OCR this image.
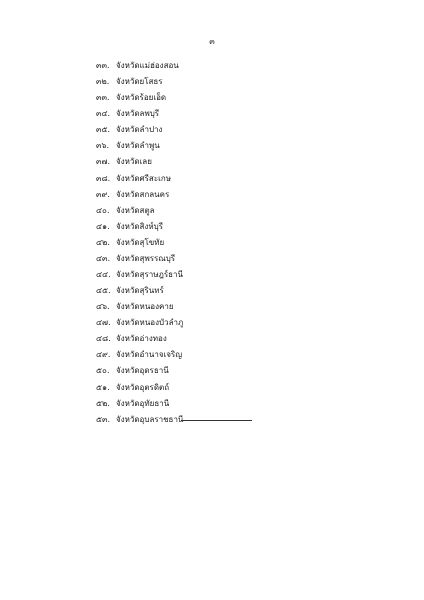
๓
๓๓. จังหวัดแม่ฮ่องสอน
๓๒. จังหวัดยโสธร
๓๓. จังหวัดร้อยเอ็ด
๓๔. จังหวัดลพบุรี
๓๕. จังหวัดลำปาง
๓๖. จังหวัดลำพูน
๓๗. จังหวัดเลย
๓๘. จังหวัดศรีสะเกษ
๓๙. จังหวัดสกลนคร
๔๐. จังหวัดสตูล
๔๑. จังหวัดสิงห์บุรี
๔๒. จังหวัดสุโขทัย
๔๓. จังหวัดสุพรรณบุรี
๔๔. จังหวัดสุราษฎร์ธานี
๔๕. จังหวัดสุรินทร์
๔๖. จังหวัดหนองคาย
๔๗. จังหวัดหนองบัวลำภู
๔๘. จังหวัดอ่างทอง
๔๙. จังหวัดอำนาจเจริญ
๕๐. จังหวัดอุดรธานี
๕๑. จังหวัดอุตรดิตถ์
๕๒. จังหวัดอุทัยธานี
๕๓. จังหวัดอุบลราชธานี
